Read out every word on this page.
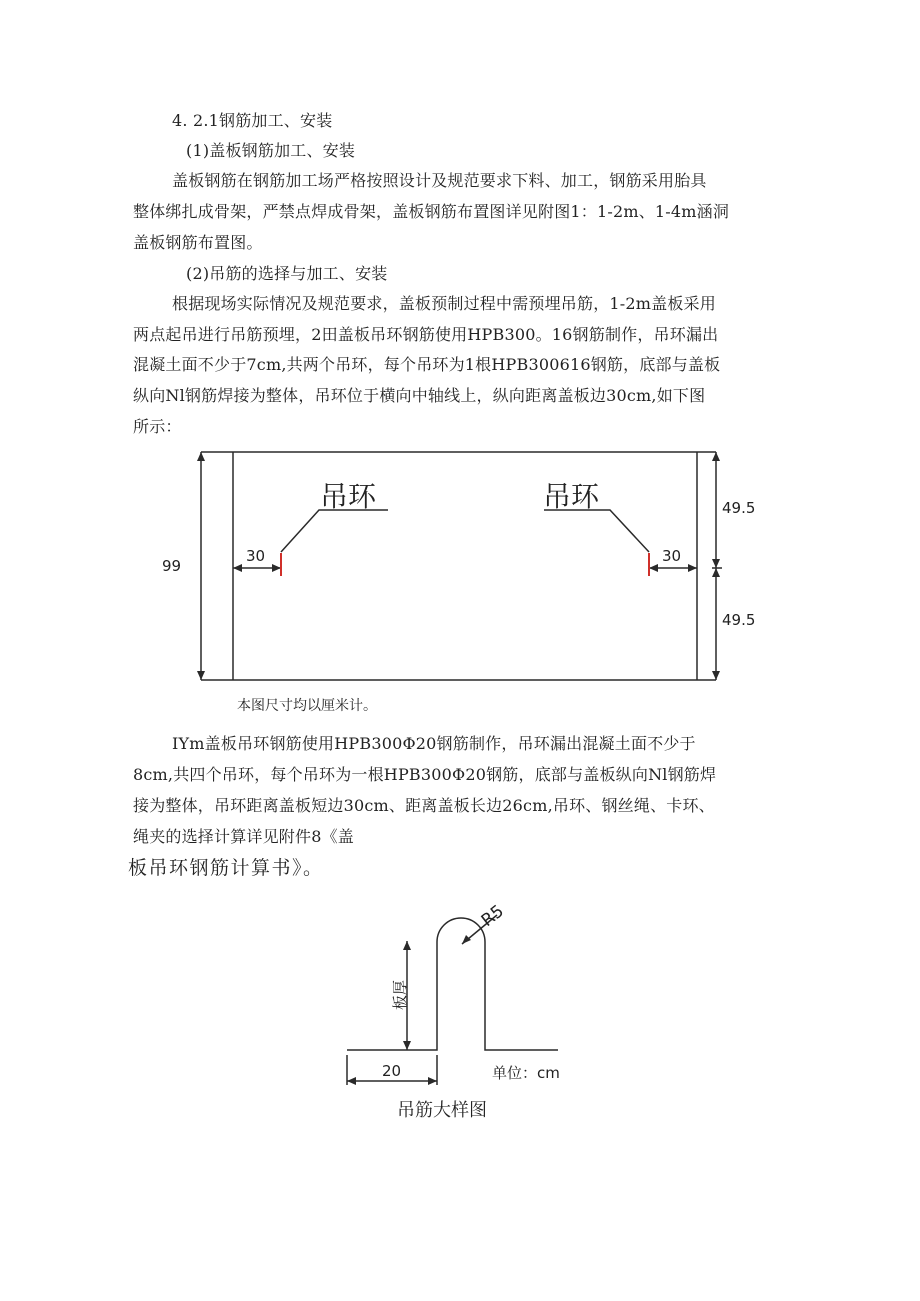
4. 2.1钢筋加工、安装
(1)盖板钢筋加工、安装
盖板钢筋在钢筋加工场严格按照设计及规范要求下料、加工，钢筋采用胎具
整体绑扎成骨架，严禁点焊成骨架，盖板钢筋布置图详见附图1：1-2m、1-4m涵洞
盖板钢筋布置图。
(2)吊筋的选择与加工、安装
根据现场实际情况及规范要求，盖板预制过程中需预埋吊筋，1-2m盖板采用
两点起吊进行吊筋预埋，2田盖板吊环钢筋使用HPB300。16钢筋制作，吊环漏出
混凝土面不少于7cm,共两个吊环，每个吊环为1根HPB300616钢筋，底部与盖板
纵向Nl钢筋焊接为整体，吊环位于横向中轴线上，纵向距离盖板边30cm,如下图
所示：
吊环	吊环
30	30
99
49.5
49.5
本图尺寸均以厘米计。
IYm盖板吊环钢筋使用HPB300Φ20钢筋制作，吊环漏出混凝土面不少于
8cm,共四个吊环，每个吊环为一根HPB300Φ20钢筋，底部与盖板纵向Nl钢筋焊
接为整体，吊环距离盖板短边30cm、距离盖板长边26cm,吊环、钢丝绳、卡环、
绳夹的选择计算详见附件8《盖
板吊环钢筋计算书》。
R5
板厚
20	单位：cm
吊筋大样图
